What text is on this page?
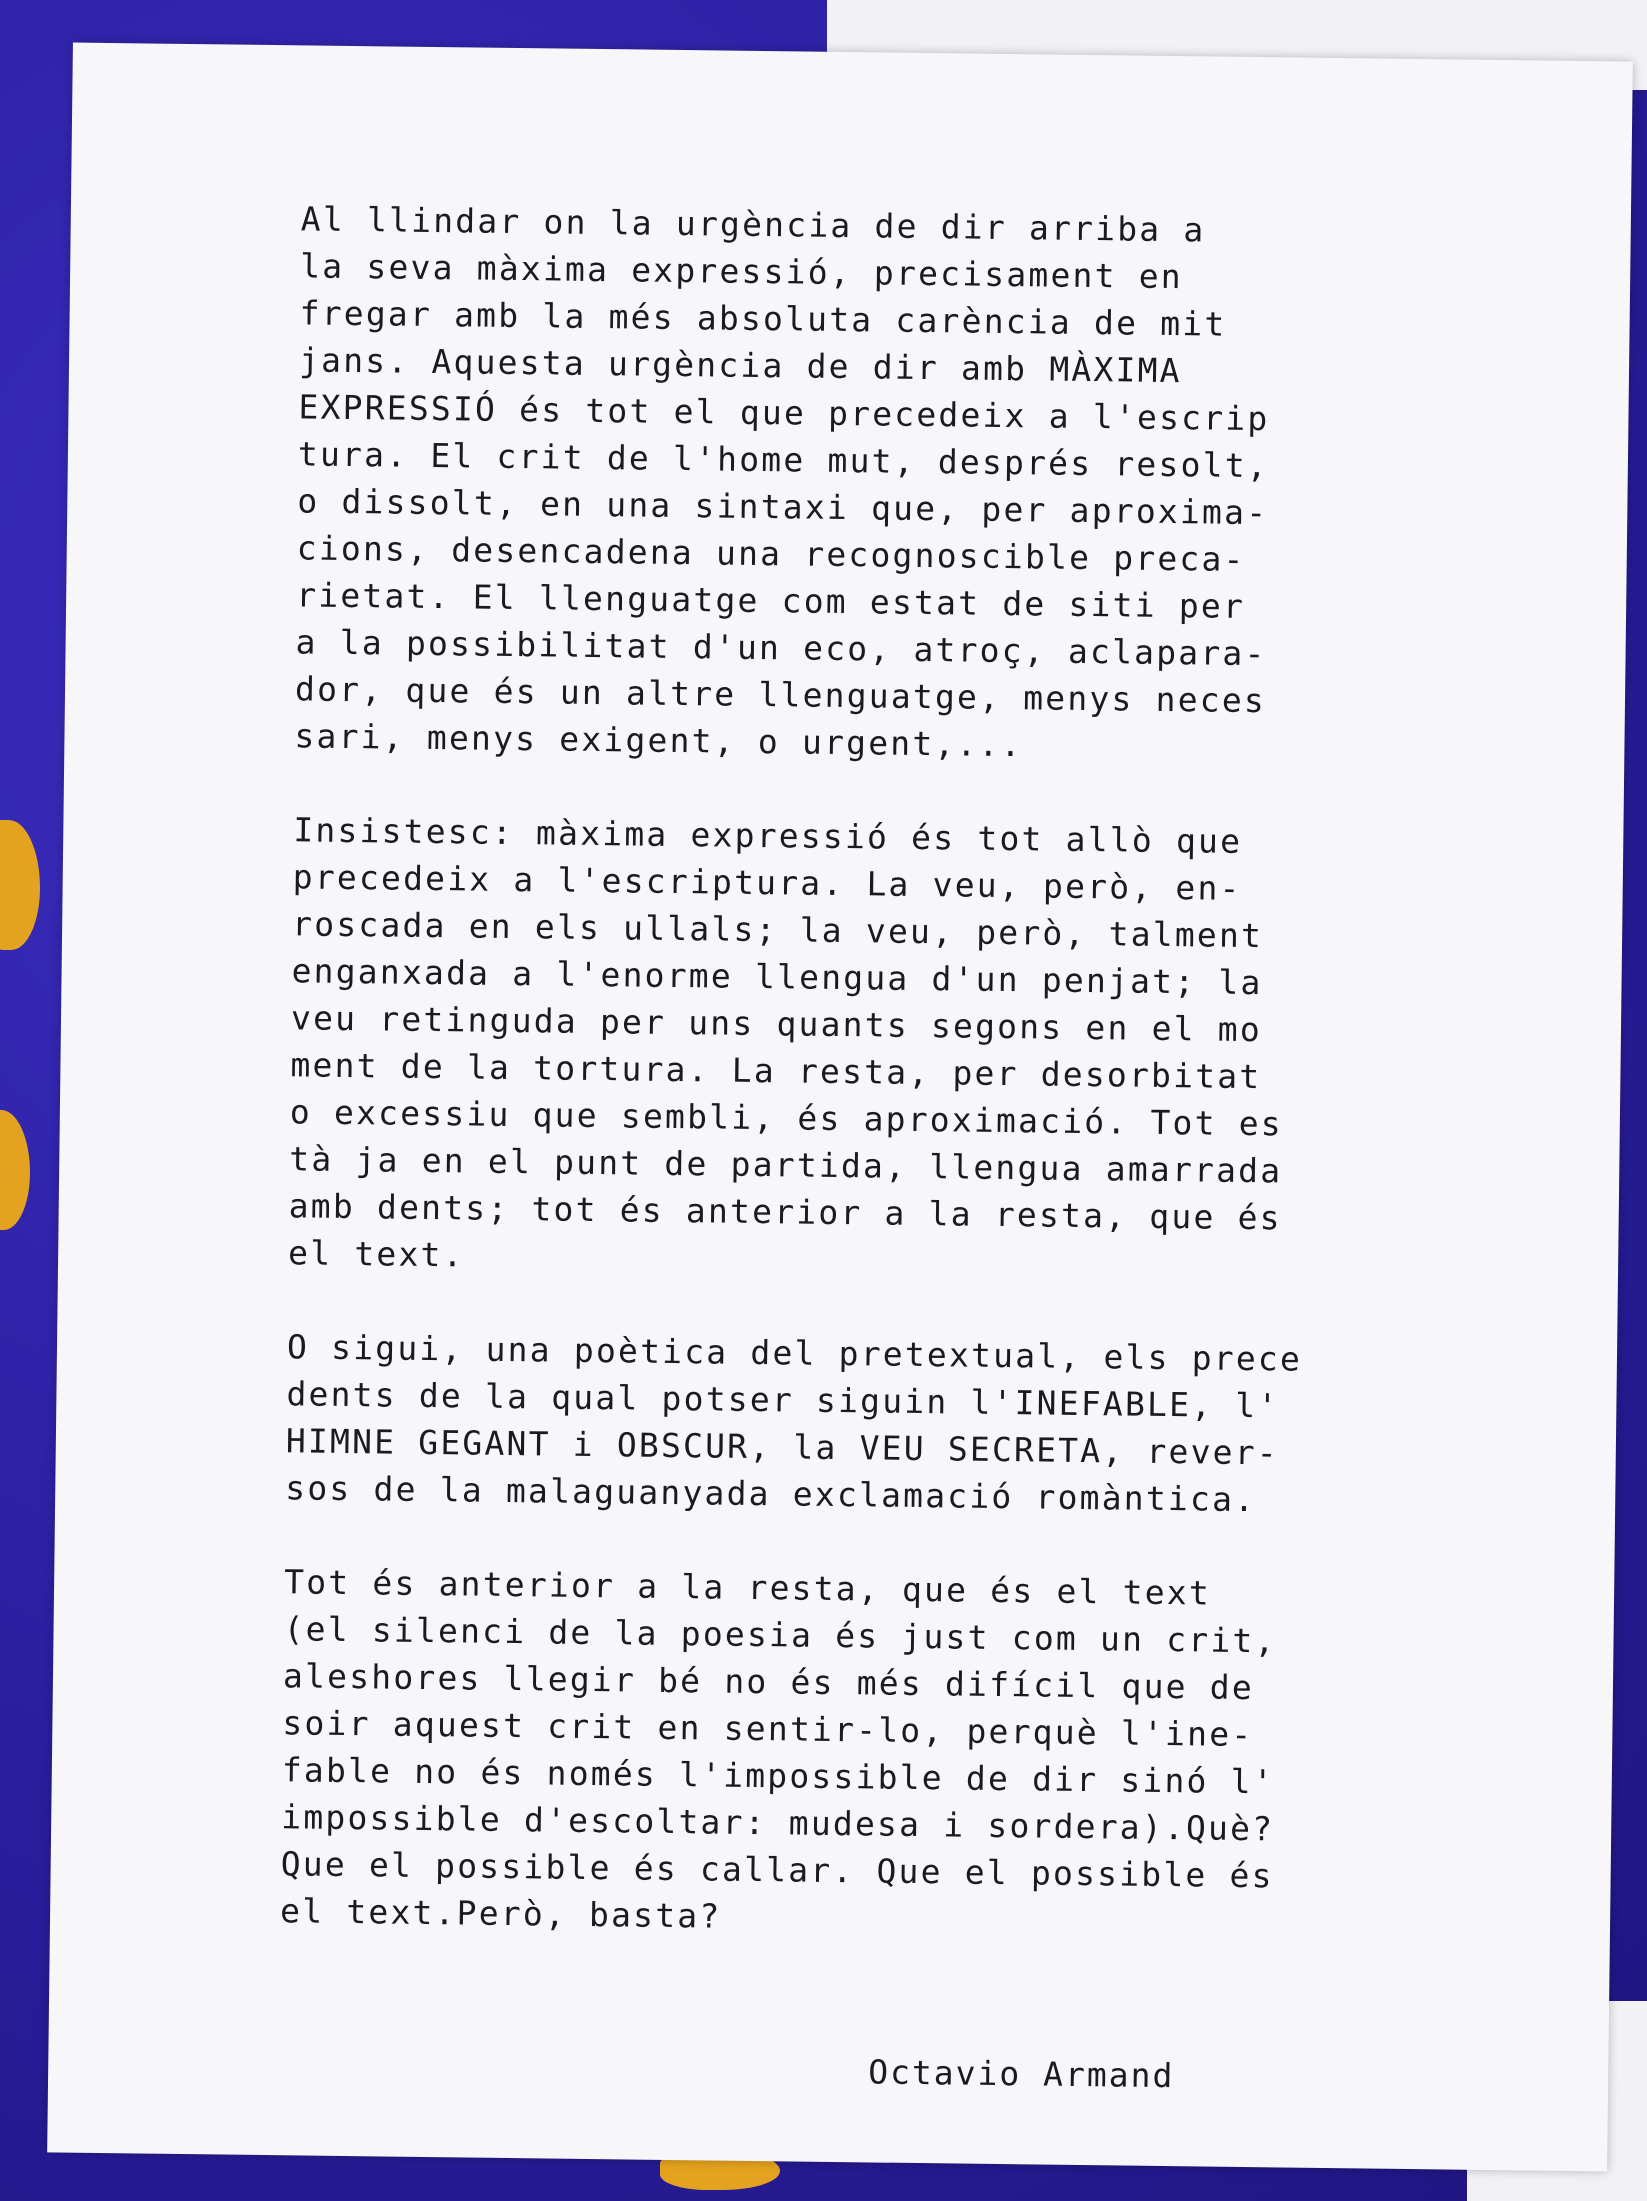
Al llindar on la urgència de dir arriba a
la seva màxima expressió, precisament en
fregar amb la més absoluta carència de mit
jans. Aquesta urgència de dir amb MÀXIMA
EXPRESSIÓ és tot el que precedeix a l'escrip
tura. El crit de l'home mut, després resolt,
o dissolt, en una sintaxi que, per aproxima-
cions, desencadena una recognoscible preca-
rietat. El llenguatge com estat de siti per
a la possibilitat d'un eco, atroç, aclapara-
dor, que és un altre llenguatge, menys neces
sari, menys exigent, o urgent,...
Insistesc: màxima expressió és tot allò que
precedeix a l'escriptura. La veu, però, en-
roscada en els ullals; la veu, però, talment
enganxada a l'enorme llengua d'un penjat; la
veu retinguda per uns quants segons en el mo
ment de la tortura. La resta, per desorbitat
o excessiu que sembli, és aproximació. Tot es
tà ja en el punt de partida, llengua amarrada
amb dents; tot és anterior a la resta, que és
el text.
O sigui, una poètica del pretextual, els prece
dents de la qual potser siguin l'INEFABLE, l'
HIMNE GEGANT i OBSCUR, la VEU SECRETA, rever-
sos de la malaguanyada exclamació romàntica.
Tot és anterior a la resta, que és el text
(el silenci de la poesia és just com un crit,
aleshores llegir bé no és més difícil que de
soir aquest crit en sentir-lo, perquè l'ine-
fable no és només l'impossible de dir sinó l'
impossible d'escoltar: mudesa i sordera).Què?
Que el possible és callar. Que el possible és
el text.Però, basta?
Octavio Armand
